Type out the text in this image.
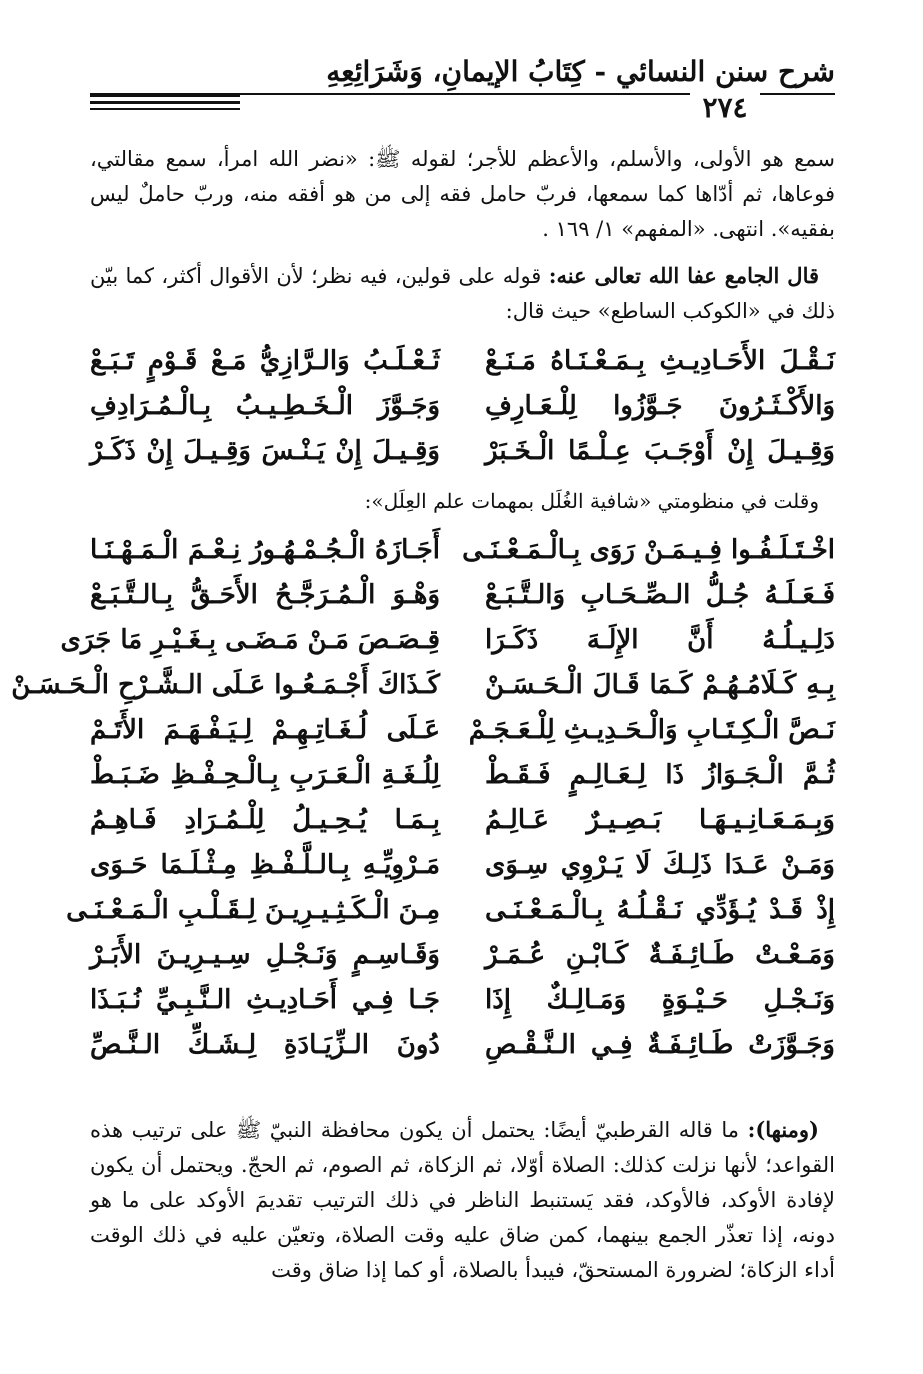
شرح سنن النسائي - كِتَابُ الإيمانِ، وَشَرَائِعِهِ
٢٧٤

سمع هو الأولى، والأسلم، والأعظم للأجر؛ لقوله ﷺ: «نضر الله امرأ، سمع مقالتي، فوعاها، ثم أدّاها كما سمعها، فربّ حامل فقه إلى من هو أفقه منه، وربّ حاملٌ ليس بفقيه». انتهى. «المفهم» ١/ ١٦٩ .

قال الجامع عفا الله تعالى عنه: قوله على قولين، فيه نظر؛ لأن الأقوال أكثر، كما بيّن ذلك في «الكوكب الساطع» حيث قال:

نَـقْـلَ الأَحَـادِيـثِ بِـمَـعْـنَـاهُ مَـنَـعْ
ثَـعْـلَـبُ وَالـرَّازِيُّ مَـعْ قَـوْمٍ تَـبَـعْ
وَالأَكْـثَـرُونَ جَـوَّزُوا لِلْـعَـارِفِ
وَجَـوَّزَ الْـخَـطِـيـبُ بِـالْـمُـرَادِفِ
وَقِـيـلَ إِنْ أَوْجَـبَ عِـلْـمًا الْـخَـبَرْ
وَقِـيـلَ إِنْ يَـنْـسَ وَقِـيـلَ إِنْ ذَكَـرْ

وقلت في منظومتي «شافية الغُلَل بمهمات علم العِلَل»:

اخْـتَـلَـفُـوا فِـيـمَـنْ رَوَى بِـالْـمَـعْـنَـى
أَجَـازَهُ الْـجُـمْـهُـورُ نِـعْـمَ الْـمَـهْـنَـا
فَـعَـلَـهُ جُـلُّ الـصِّـحَـابِ وَالـتَّـبَـعْ
وَهْـوَ الْـمُـرَجَّـحُ الأَحَـقُّ بِـالـتَّـبَـعْ
دَلِـيـلُـهُ أَنَّ الإِلَـهَ ذَكَـرَا
قِـصَـصَ مَـنْ مَـضَـى بِـغَـيْـرِ مَا جَرَى
بِـهِ كَـلَامُـهُـمْ كَـمَا قَـالَ الْـحَـسَـنْ
كَـذَاكَ أَجْـمَـعُـوا عَـلَى الـشَّـرْحِ الْـحَـسَـنْ
نَـصَّ الْـكِـتَـابِ وَالْـحَـدِيـثِ لِلْـعَـجَـمْ
عَـلَى لُـغَـاتِـهِـمْ لِـيَـفْـهَـمَ الأَتَـمْ
ثُـمَّ الْـجَـوَازُ ذَا لِـعَـالِـمٍ فَـقَـطْ
لِلُـغَـةِ الْـعَـرَبِ بِـالْـحِـفْـظِ ضَـبَـطْ
وَبِـمَـعَـانِـيـهَـا بَـصِـيـرٌ عَـالِـمُ
بِـمَـا يُـحِـيـلُ لِلْـمُـرَادِ فَـاهِـمُ
وَمَـنْ عَـدَا ذَلِـكَ لَا يَـرْوِي سِـوَى
مَـرْوِيِّـهِ بِـالـلَّـفْـظِ مِـثْـلَـمَا حَـوَى
إِذْ قَـدْ يُـؤَدِّي نَـقْـلُـهُ بِـالْـمَـعْـنَـى
مِـنَ الْـكَـثِـيـرِيـنَ لِـقَـلْـبِ الْـمَـعْـنَـى
وَمَـعْـتْ طَـائِـفَـةٌ كَـابْـنِ عُـمَـرْ
وَقَـاسِـمٍ وَنَـجْـلِ سِـيـرِيـنَ الأَبَـرْ
وَنَـجْـلِ حَـيْـوَةٍ وَمَـالِـكٌ إِذَا
جَـا فِـي أَحَـادِيـثِ الـنَّـبِـيِّ نُـبَـذَا
وَجَـوَّزَتْ طَـائِـفَـةٌ فِـي الـنَّـقْـصِ
دُونَ الـزِّيَـادَةِ لِـشَـكِّ الـنَّـصِّ

(ومنها): ما قاله القرطبيّ أيضًا: يحتمل أن يكون محافظة النبيّ ﷺ على ترتيب هذه القواعد؛ لأنها نزلت كذلك: الصلاة أوّلا، ثم الزكاة، ثم الصوم، ثم الحجّ. ويحتمل أن يكون لإفادة الأوكد، فالأوكد، فقد يَستنبط الناظر في ذلك الترتيب تقديمَ الأوكد على ما هو دونه، إذا تعذّر الجمع بينهما، كمن ضاق عليه وقت الصلاة، وتعيّن عليه في ذلك الوقت أداء الزكاة؛ لضرورة المستحقّ، فيبدأ بالصلاة، أو كما إذا ضاق وقت
